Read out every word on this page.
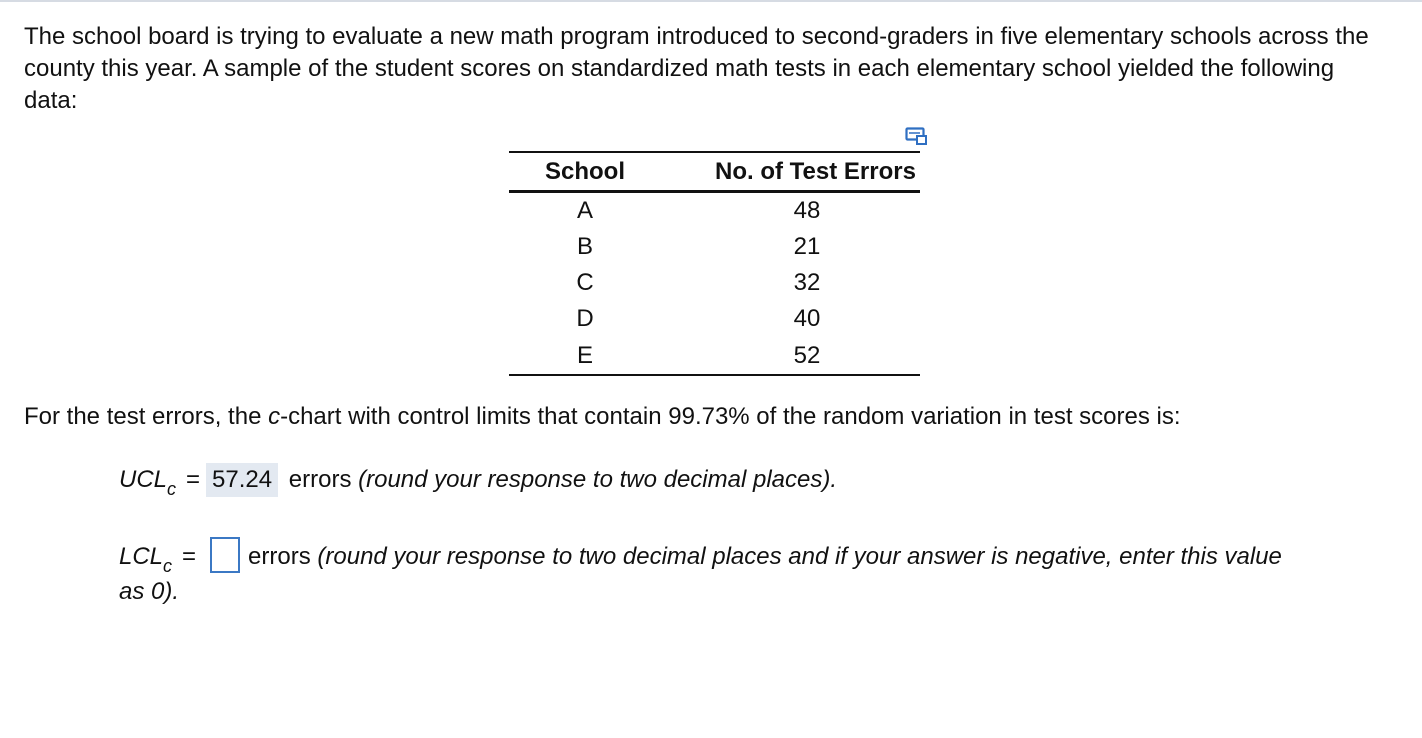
The school board is trying to evaluate a new math program introduced to second-graders in five elementary schools across the county this year. A sample of the student scores on standardized math tests in each elementary school yielded the following data:
School	No. of Test Errors
A	48
B	21
C	32
D	40
E	52
For the test errors, the c-chart with control limits that contain 99.73% of the random variation in test scores is:
$UCL_c = 57.24$ errors (round your response to two decimal places).
$LCL_c$ = errors (round your response to two decimal places and if your answer is negative, enter this value
as 0).
